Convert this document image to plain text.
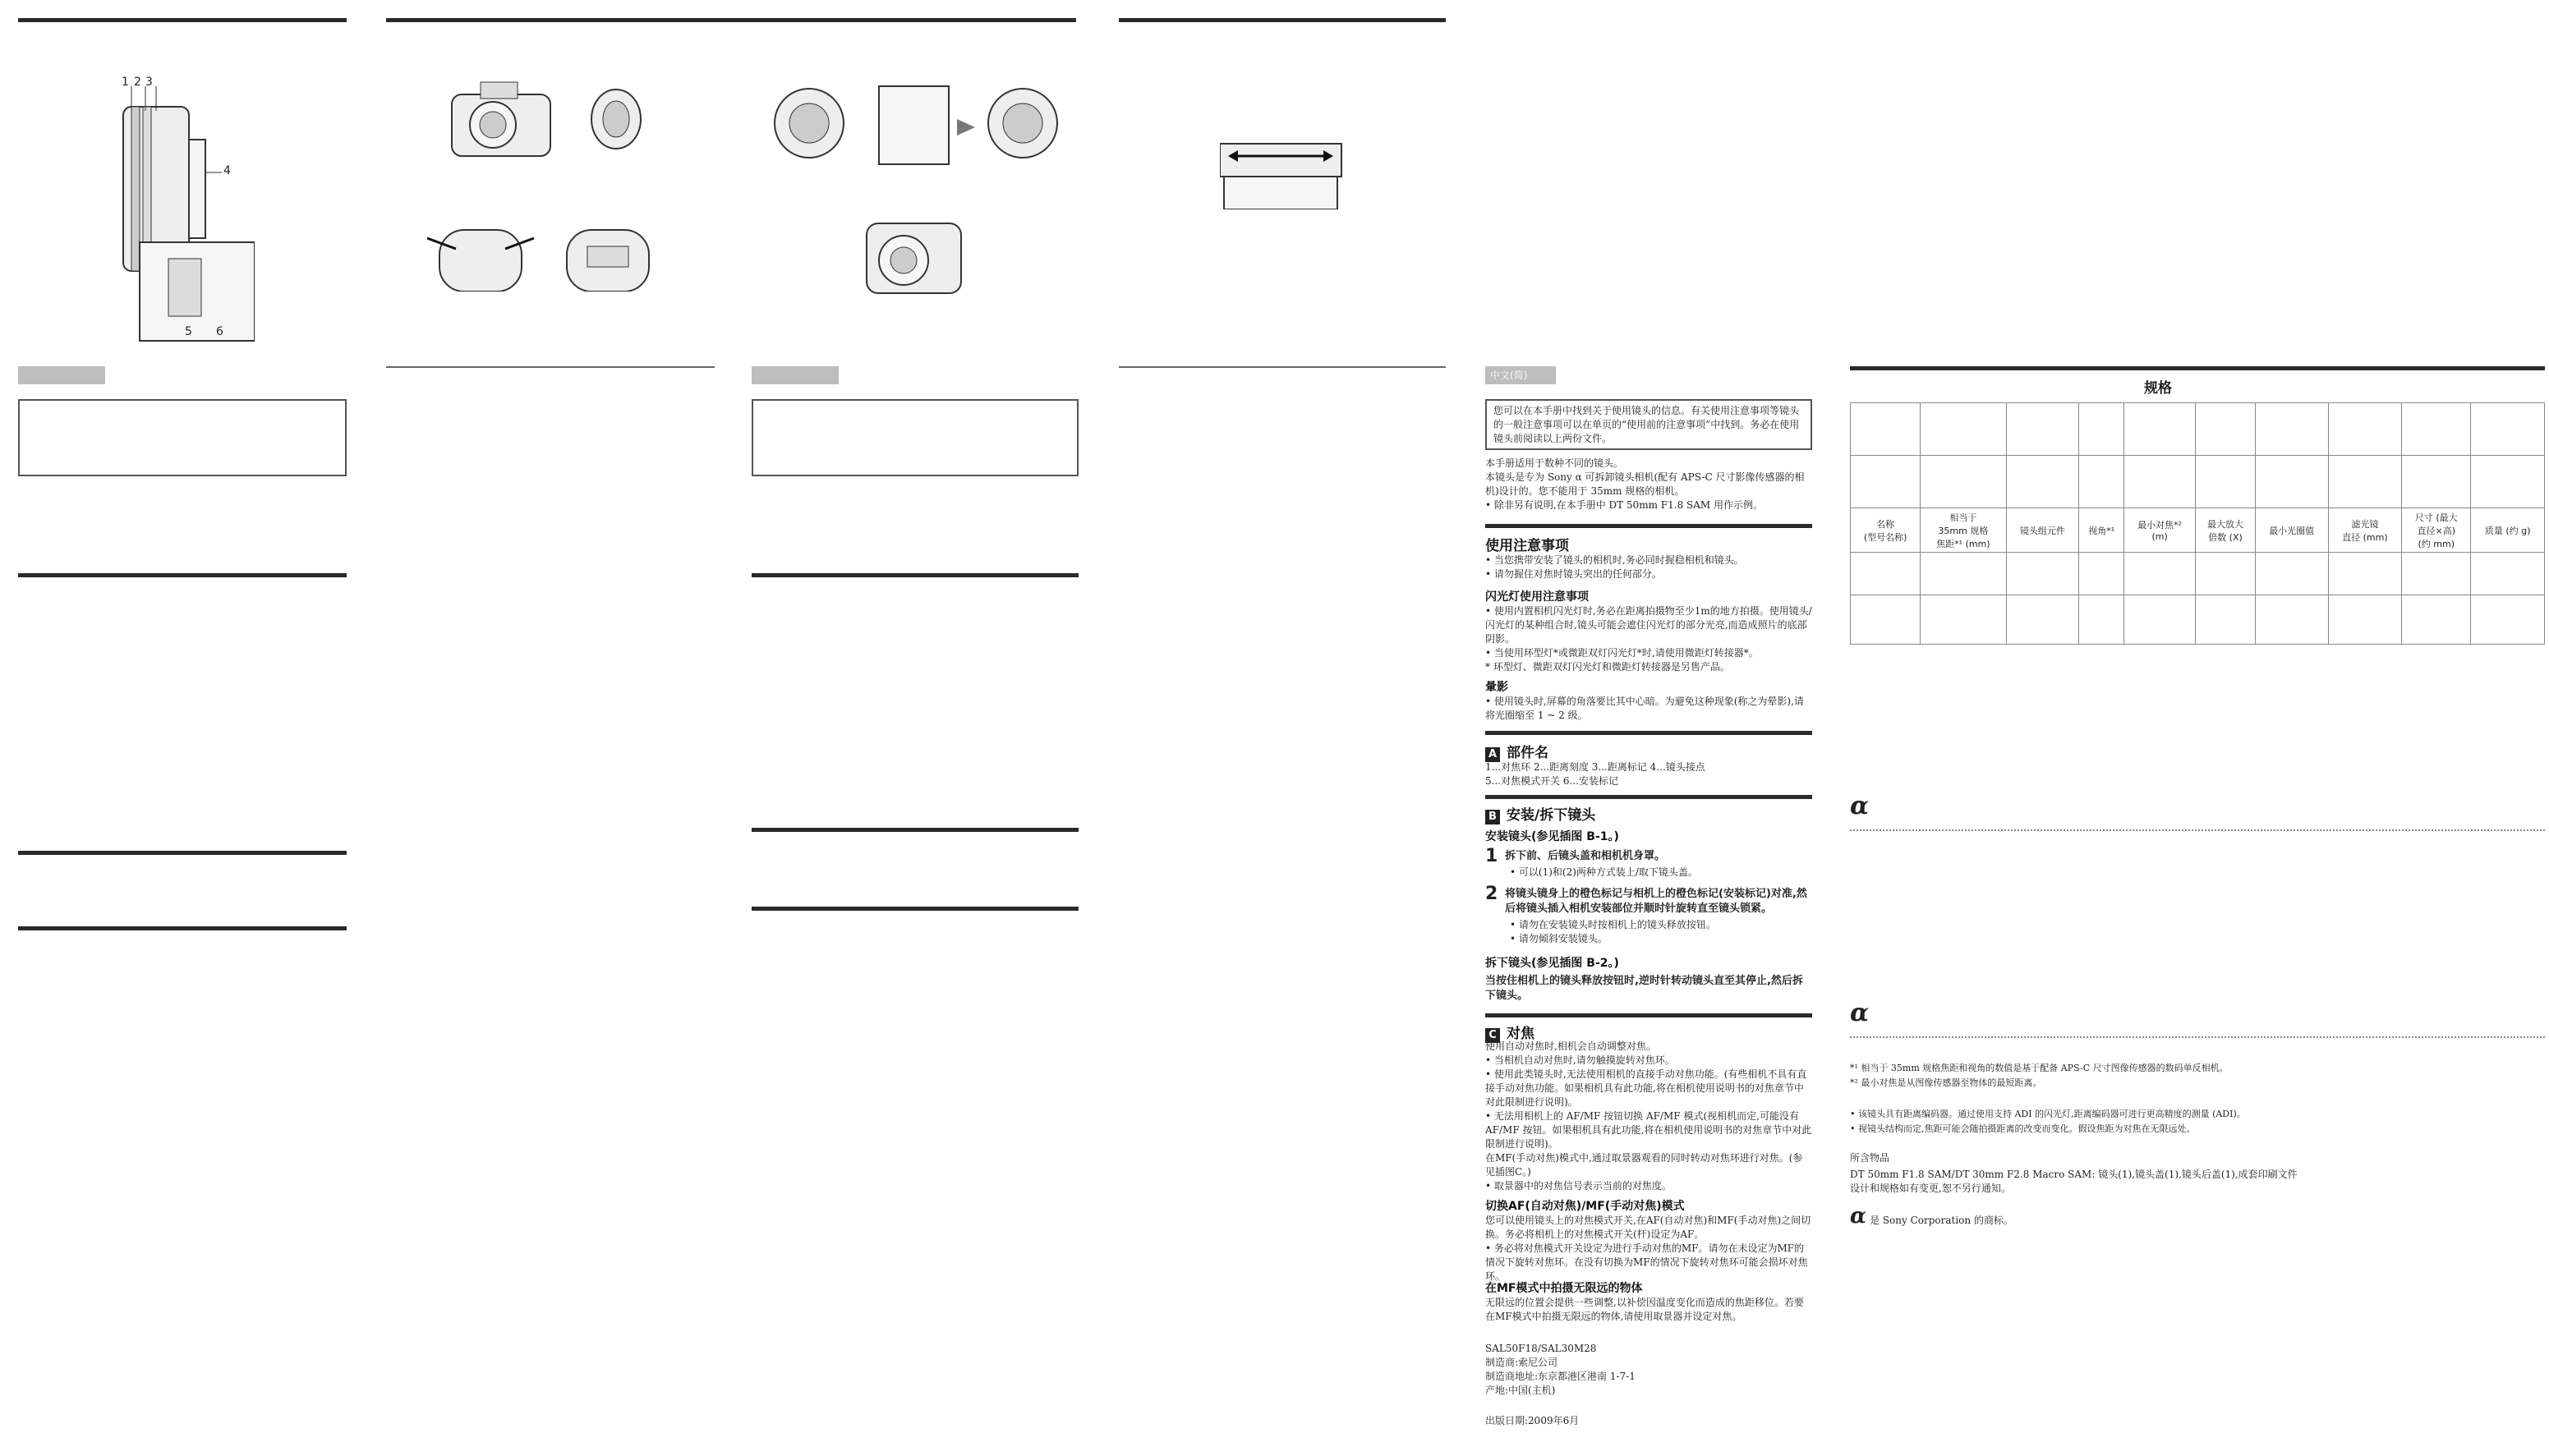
1 2 3
4
5 6
中文(简)
您可以在本手册中找到关于使用镜头的信息。有关使用注意事项等镜头的一般注意事项可以在单页的“使用前的注意事项”中找到。务必在使用镜头前阅读以上两份文件。
本手册适用于数种不同的镜头。
本镜头是专为 Sony α 可拆卸镜头相机(配有 APS-C 尺寸影像传感器的相机)设计的。您不能用于 35mm 规格的相机。
• 除非另有说明,在本手册中 DT 50mm F1.8 SAM 用作示例。
使用注意事项
• 当您携带安装了镜头的相机时,务必同时握稳相机和镜头。
• 请勿握住对焦时镜头突出的任何部分。
闪光灯使用注意事项
• 使用内置相机闪光灯时,务必在距离拍摄物至少1m的地方拍摄。使用镜头/闪光灯的某种组合时,镜头可能会遮住闪光灯的部分光亮,而造成照片的底部阴影。
• 当使用环型灯*或微距双灯闪光灯*时,请使用微距灯转接器*。
* 环型灯、微距双灯闪光灯和微距灯转接器是另售产品。
暈影
• 使用镜头时,屏幕的角落要比其中心暗。为避免这种现象(称之为晕影),请将光圈缩至 1 ~ 2 级。
A 部件名
1...对焦环 2...距离刻度 3...距离标记 4...镜头接点
5...对焦模式开关 6...安装标记
B 安装/拆下镜头
安装镜头(参见插图 B-1。)
1 拆下前、后镜头盖和相机机身罩。
• 可以(1)和(2)两种方式装上/取下镜头盖。
2 将镜头镜身上的橙色标记与相机上的橙色标记(安装标记)对准,然后将镜头插入相机安装部位并顺时针旋转直至镜头锁紧。
• 请勿在安装镜头时按相机上的镜头释放按钮。
• 请勿倾斜安装镜头。
拆下镜头(参见插图 B-2。)
当按住相机上的镜头释放按钮时,逆时针转动镜头直至其停止,然后拆下镜头。
C 对焦
使用自动对焦时,相机会自动调整对焦。
• 当相机自动对焦时,请勿触摸旋转对焦环。
• 使用此类镜头时,无法使用相机的直接手动对焦功能。(有些相机不具有直接手动对焦功能。如果相机具有此功能,将在相机使用说明书的对焦章节中对此限制进行说明)。
• 无法用相机上的 AF/MF 按钮切换 AF/MF 模式(视相机而定,可能没有 AF/MF 按钮。如果相机具有此功能,将在相机使用说明书的对焦章节中对此限制进行说明)。
在MF(手动对焦)模式中,通过取景器观看的同时转动对焦环进行对焦。(参见插图C。)
• 取景器中的对焦信号表示当前的对焦度。
切换AF(自动对焦)/MF(手动对焦)模式
您可以使用镜头上的对焦模式开关,在AF(自动对焦)和MF(手动对焦)之间切换。务必将相机上的对焦模式开关(杆)设定为AF。
• 务必将对焦模式开关设定为进行手动对焦的MF。请勿在未设定为MF的情况下旋转对焦环。在没有切换为MF的情况下旋转对焦环可能会损坏对焦环。
在MF模式中拍摄无限远的物体
无限远的位置会提供一些调整,以补偿因温度变化而造成的焦距移位。若要在MF模式中拍摄无限远的物体,请使用取景器并设定对焦。
SAL50F18/SAL30M28
制造商:索尼公司
制造商地址:东京都港区港南 1-7-1
产地:中国(主机)
出版日期:2009年6月
规格

名称
(型号名称)	相当于
35mm 规格
焦距*¹ (mm)	镜头组元件	视角*¹	最小对焦*²
(m)	最大放大
倍数 (X)	最小光圈值	滤光镜
直径 (mm)	尺寸 (最大
直径×高)
(约 mm)	质量 (约 g)

α
α
*¹ 相当于 35mm 规格焦距和视角的数值是基于配备 APS-C 尺寸图像传感器的数码单反相机。
*² 最小对焦是从图像传感器至物体的最短距离。
• 该镜头具有距离编码器。通过使用支持 ADI 的闪光灯,距离编码器可进行更高精度的测量 (ADI)。
• 视镜头结构而定,焦距可能会随拍摄距离的改变而变化。假设焦距为对焦在无限远处。
所含物品
DT 50mm F1.8 SAM/DT 30mm F2.8 Macro SAM: 镜头(1),镜头盖(1),镜头后盖(1),成套印刷文件
设计和规格如有变更,恕不另行通知。
α 是 Sony Corporation 的商标。
